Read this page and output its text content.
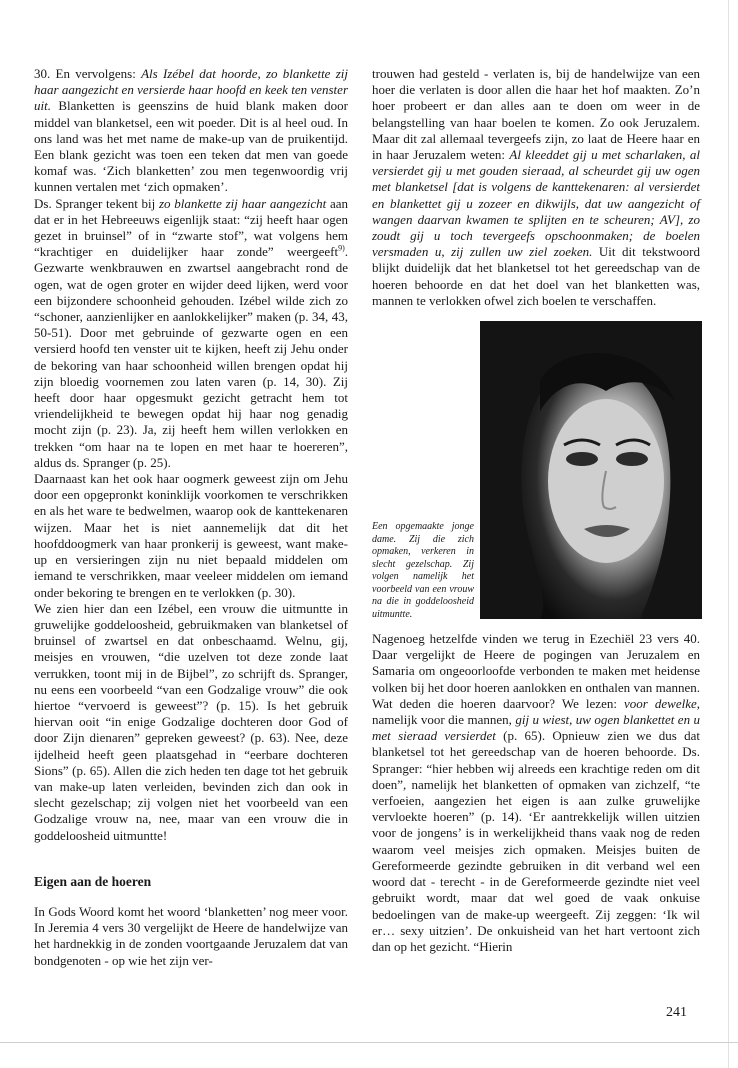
30. En vervolgens: Als Izébel dat hoorde, zo blankette zij haar aangezicht en versierde haar hoofd en keek ten venster uit. Blanketten is geenszins de huid blank maken door middel van blanketsel, een wit poeder. Dit is al heel oud. In ons land was het met name de make-up van de pruikentijd. Een blank gezicht was toen een teken dat men van goede komaf was. ‘Zich blanketten’ zou men tegenwoordig vrij kunnen vertalen met ‘zich opmaken’.

Ds. Spranger tekent bij zo blankette zij haar aangezicht aan dat er in het Hebreeuws eigenlijk staat: “zij heeft haar ogen gezet in bruinsel” of in “zwarte stof”, wat volgens hem “krachtiger en duidelijker haar zonde” weergeeft$^{9)}$. Gezwarte wenkbrauwen en zwartsel aangebracht rond de ogen, wat de ogen groter en wijder deed lijken, werd voor een bijzondere schoonheid gehouden. Izébel wilde zich zo “schoner, aanzienlijker en aanlokkelijker” maken (p. 34, 43, 50-51). Door met gebruinde of gezwarte ogen en een versierd hoofd ten venster uit te kijken, heeft zij Jehu onder de bekoring van haar schoonheid willen brengen opdat hij zijn bloedig voornemen zou laten varen (p. 14, 30). Zij heeft door haar opgesmukt gezicht getracht hem tot vriendelijkheid te bewegen opdat hij haar nog genadig mocht zijn (p. 23). Ja, zij heeft hem willen verlokken en trekken “om haar na te lopen en met haar te hoereren”, aldus ds. Spranger (p. 25).

Daarnaast kan het ook haar oogmerk geweest zijn om Jehu door een opgepronkt koninklijk voorkomen te verschrikken en als het ware te bedwelmen, waarop ook de kanttekenaren wijzen. Maar het is niet aannemelijk dat dit het hoofddoogmerk van haar pronkerij is geweest, want make-up en versieringen zijn nu niet bepaald middelen om iemand te verschrikken, maar veeleer middelen om iemand onder bekoring te brengen en te verlokken (p. 30).

We zien hier dan een Izébel, een vrouw die uitmuntte in gruwelijke goddeloosheid, gebruikmaken van blanketsel of bruinsel of zwartsel en dat onbeschaamd. Welnu, gij, meisjes en vrouwen, “die uzelven tot deze zonde laat verrukken, toont mij in de Bijbel”, zo schrijft ds. Spranger, nu eens een voorbeeld “van een Godzalige vrouw” die ook hiertoe “vervoerd is geweest”? (p. 15). Is het gebruik hiervan ooit “in enige Godzalige dochteren door God of door Zijn dienaren” gepreken geweest? (p. 63). Nee, deze ijdelheid heeft geen plaatsgehad in “eerbare dochteren Sions” (p. 65). Allen die zich heden ten dage tot het gebruik van make-up laten verleiden, bevinden zich dan ook in slecht gezelschap; zij volgen niet het voorbeeld van een Godzalige vrouw na, nee, maar van een vrouw die in goddeloosheid uitmuntte!

Eigen aan de hoeren

In Gods Woord komt het woord ‘blanketten’ nog meer voor. In Jeremia 4 vers 30 vergelijkt de Heere de handelwijze van het hardnekkig in de zonden voortgaande Jeruzalem dat van bondgenoten - op wie het zijn ver-

trouwen had gesteld - verlaten is, bij de handelwijze van een hoer die verlaten is door allen die haar het hof maakten. Zo’n hoer probeert er dan alles aan te doen om weer in de belangstelling van haar boelen te komen. Zo ook Jeruzalem. Maar dit zal allemaal tevergeefs zijn, zo laat de Heere haar en in haar Jeruzalem weten: Al kleeddet gij u met scharlaken, al versierdet gij u met gouden sieraad, al scheurdet gij uw ogen met blanketsel [dat is volgens de kanttekenaren: al versierdet en blankettet gij u zozeer en dikwijls, dat uw aangezicht of wangen daarvan kwamen te splijten en te scheuren; AV], zo zoudt gij u toch tevergeefs opschoonmaken; de boelen versmaden u, zij zullen uw ziel zoeken. Uit dit tekstwoord blijkt duidelijk dat het blanketsel tot het gereedschap van de hoeren behoorde en dat het doel van het blanketten was, mannen te verlokken ofwel zich boelen te verschaffen.

Een opgemaakte jonge dame. Zij die zich opmaken, verkeren in slecht gezelschap. Zij volgen namelijk het voorbeeld van een vrouw na die in goddeloosheid uitmuntte.

Nagenoeg hetzelfde vinden we terug in Ezechiël 23 vers 40. Daar vergelijkt de Heere de pogingen van Jeruzalem en Samaria om ongeoorloofde verbonden te maken met heidense volken bij het door hoeren aanlokken en onthalen van mannen. Wat deden die hoeren daarvoor? We lezen: voor dewelke, namelijk voor die mannen, gij u wiest, uw ogen blankettet en u met sieraad versierdet (p. 65). Opnieuw zien we dus dat blanketsel tot het gereedschap van de hoeren behoorde. Ds. Spranger: “hier hebben wij alreeds een krachtige reden om dit doen”, namelijk het blanketten of opmaken van zichzelf, “te verfoeien, aangezien het eigen is aan zulke gruwelijke vervloekte hoeren” (p. 14). ‘Er aantrekkelijk willen uitzien voor de jongens’ is in werkelijkheid thans vaak nog de reden waarom veel meisjes zich opmaken. Meisjes buiten de Gereformeerde gezindte gebruiken in dit verband wel een woord dat - terecht - in de Gereformeerde gezindte niet veel gebruikt wordt, maar dat wel goed de vaak onkuise bedoelingen van de make-up weergeeft. Zij zeggen: ‘Ik wil er… sexy uitzien’. De onkuisheid van het hart vertoont zich dan op het gezicht. “Hierin

241
